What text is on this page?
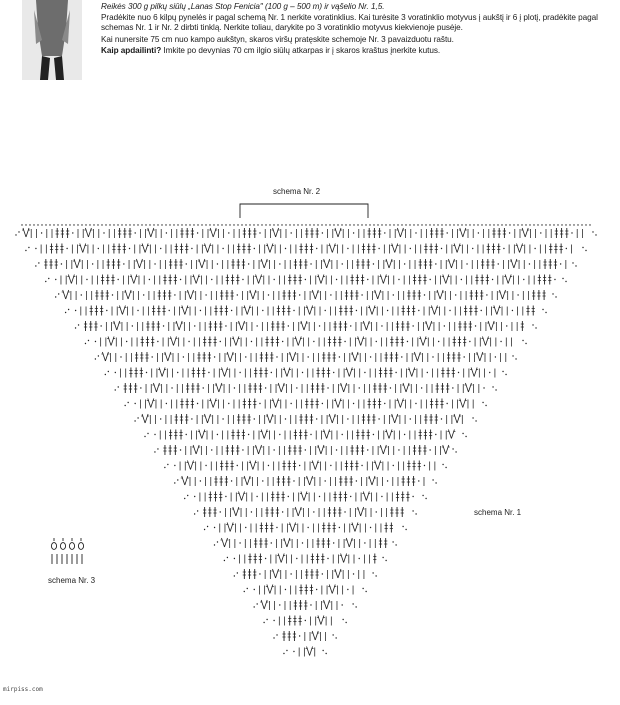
Reikės 300 g pilkų siūlų „Lanas Stop Fenicia" (100 g – 500 m) ir vąšelio Nr. 1,5.

Pradėkite nuo 6 kilpų pynelės ir pagal schemą Nr. 1 nerkite voratinklius. Kai turėsite 3 voratinklio motyvus į aukštį ir 6 į plotį, pradėkite pagal schemas Nr. 1 ir Nr. 2 dirbti tinklą. Nerkite toliau, darykite po 3 voratinklio motyvus kiekvienoje pusėje.

Kai nunersite 75 cm nuo kampo aukštyn, skaros viršų pratęskite schemoje Nr. 3 pavaizduotu raštu.

Kaip apdailinti? Imkite po devynias 70 cm ilgio siūlų atkarpas ir į skaros kraštus įnerkite kutus.

schema Nr. 2
schema Nr. 1
schema Nr. 3
mirpiss.com
